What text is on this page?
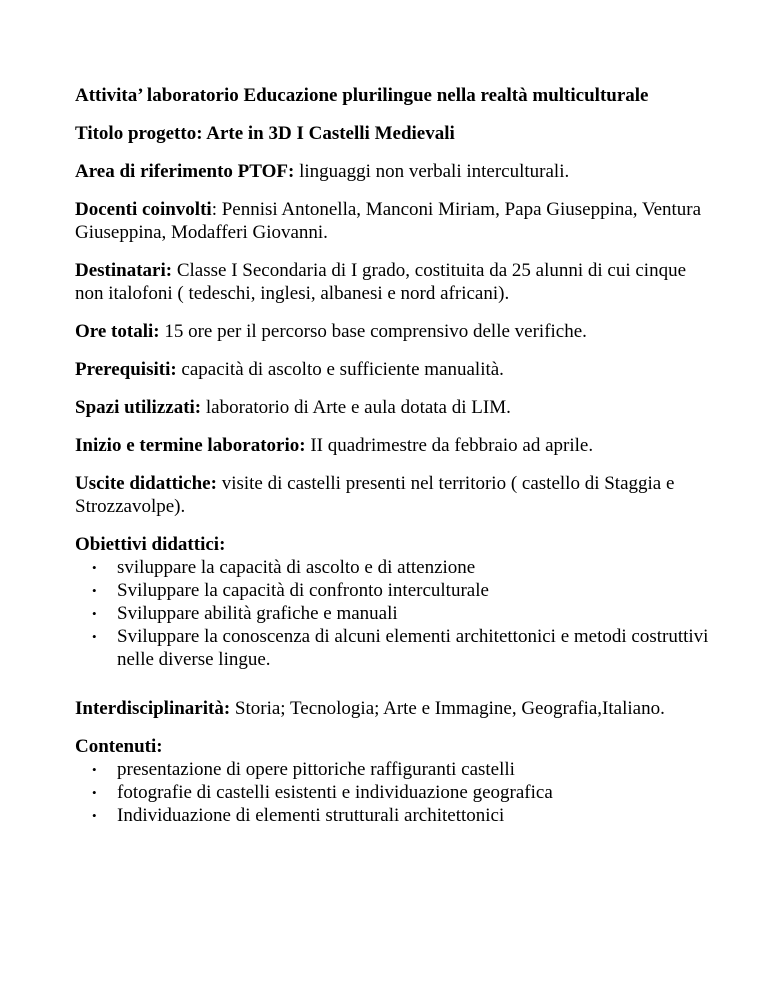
Attivita’ laboratorio Educazione plurilingue nella realtà multiculturale

Titolo progetto: Arte in 3D I Castelli Medievali

Area di riferimento PTOF: linguaggi non verbali interculturali.

Docenti coinvolti: Pennisi Antonella, Manconi Miriam, Papa Giuseppina, Ventura Giuseppina, Modafferi Giovanni.

Destinatari: Classe I Secondaria di I grado, costituita da 25 alunni di cui cinque non italofoni ( tedeschi, inglesi, albanesi e nord africani).

Ore totali: 15 ore per il percorso base comprensivo delle verifiche.

Prerequisiti: capacità di ascolto e sufficiente manualità.

Spazi utilizzati: laboratorio di Arte e aula dotata di LIM.

Inizio e termine laboratorio: II quadrimestre da febbraio ad aprile.

Uscite didattiche: visite di castelli presenti nel territorio ( castello di Staggia e Strozzavolpe).

Obiettivi didattici:
•	sviluppare la capacità di ascolto e di attenzione
•	Sviluppare la capacità di confronto interculturale
•	Sviluppare abilità grafiche e manuali
•	Sviluppare la conoscenza di alcuni elementi architettonici e metodi costruttivi nelle diverse lingue.

Interdisciplinarità: Storia; Tecnologia; Arte e Immagine, Geografia,Italiano.

Contenuti:
•	presentazione di opere pittoriche raffiguranti castelli
•	fotografie di castelli esistenti e individuazione geografica
•	Individuazione di elementi strutturali architettonici
